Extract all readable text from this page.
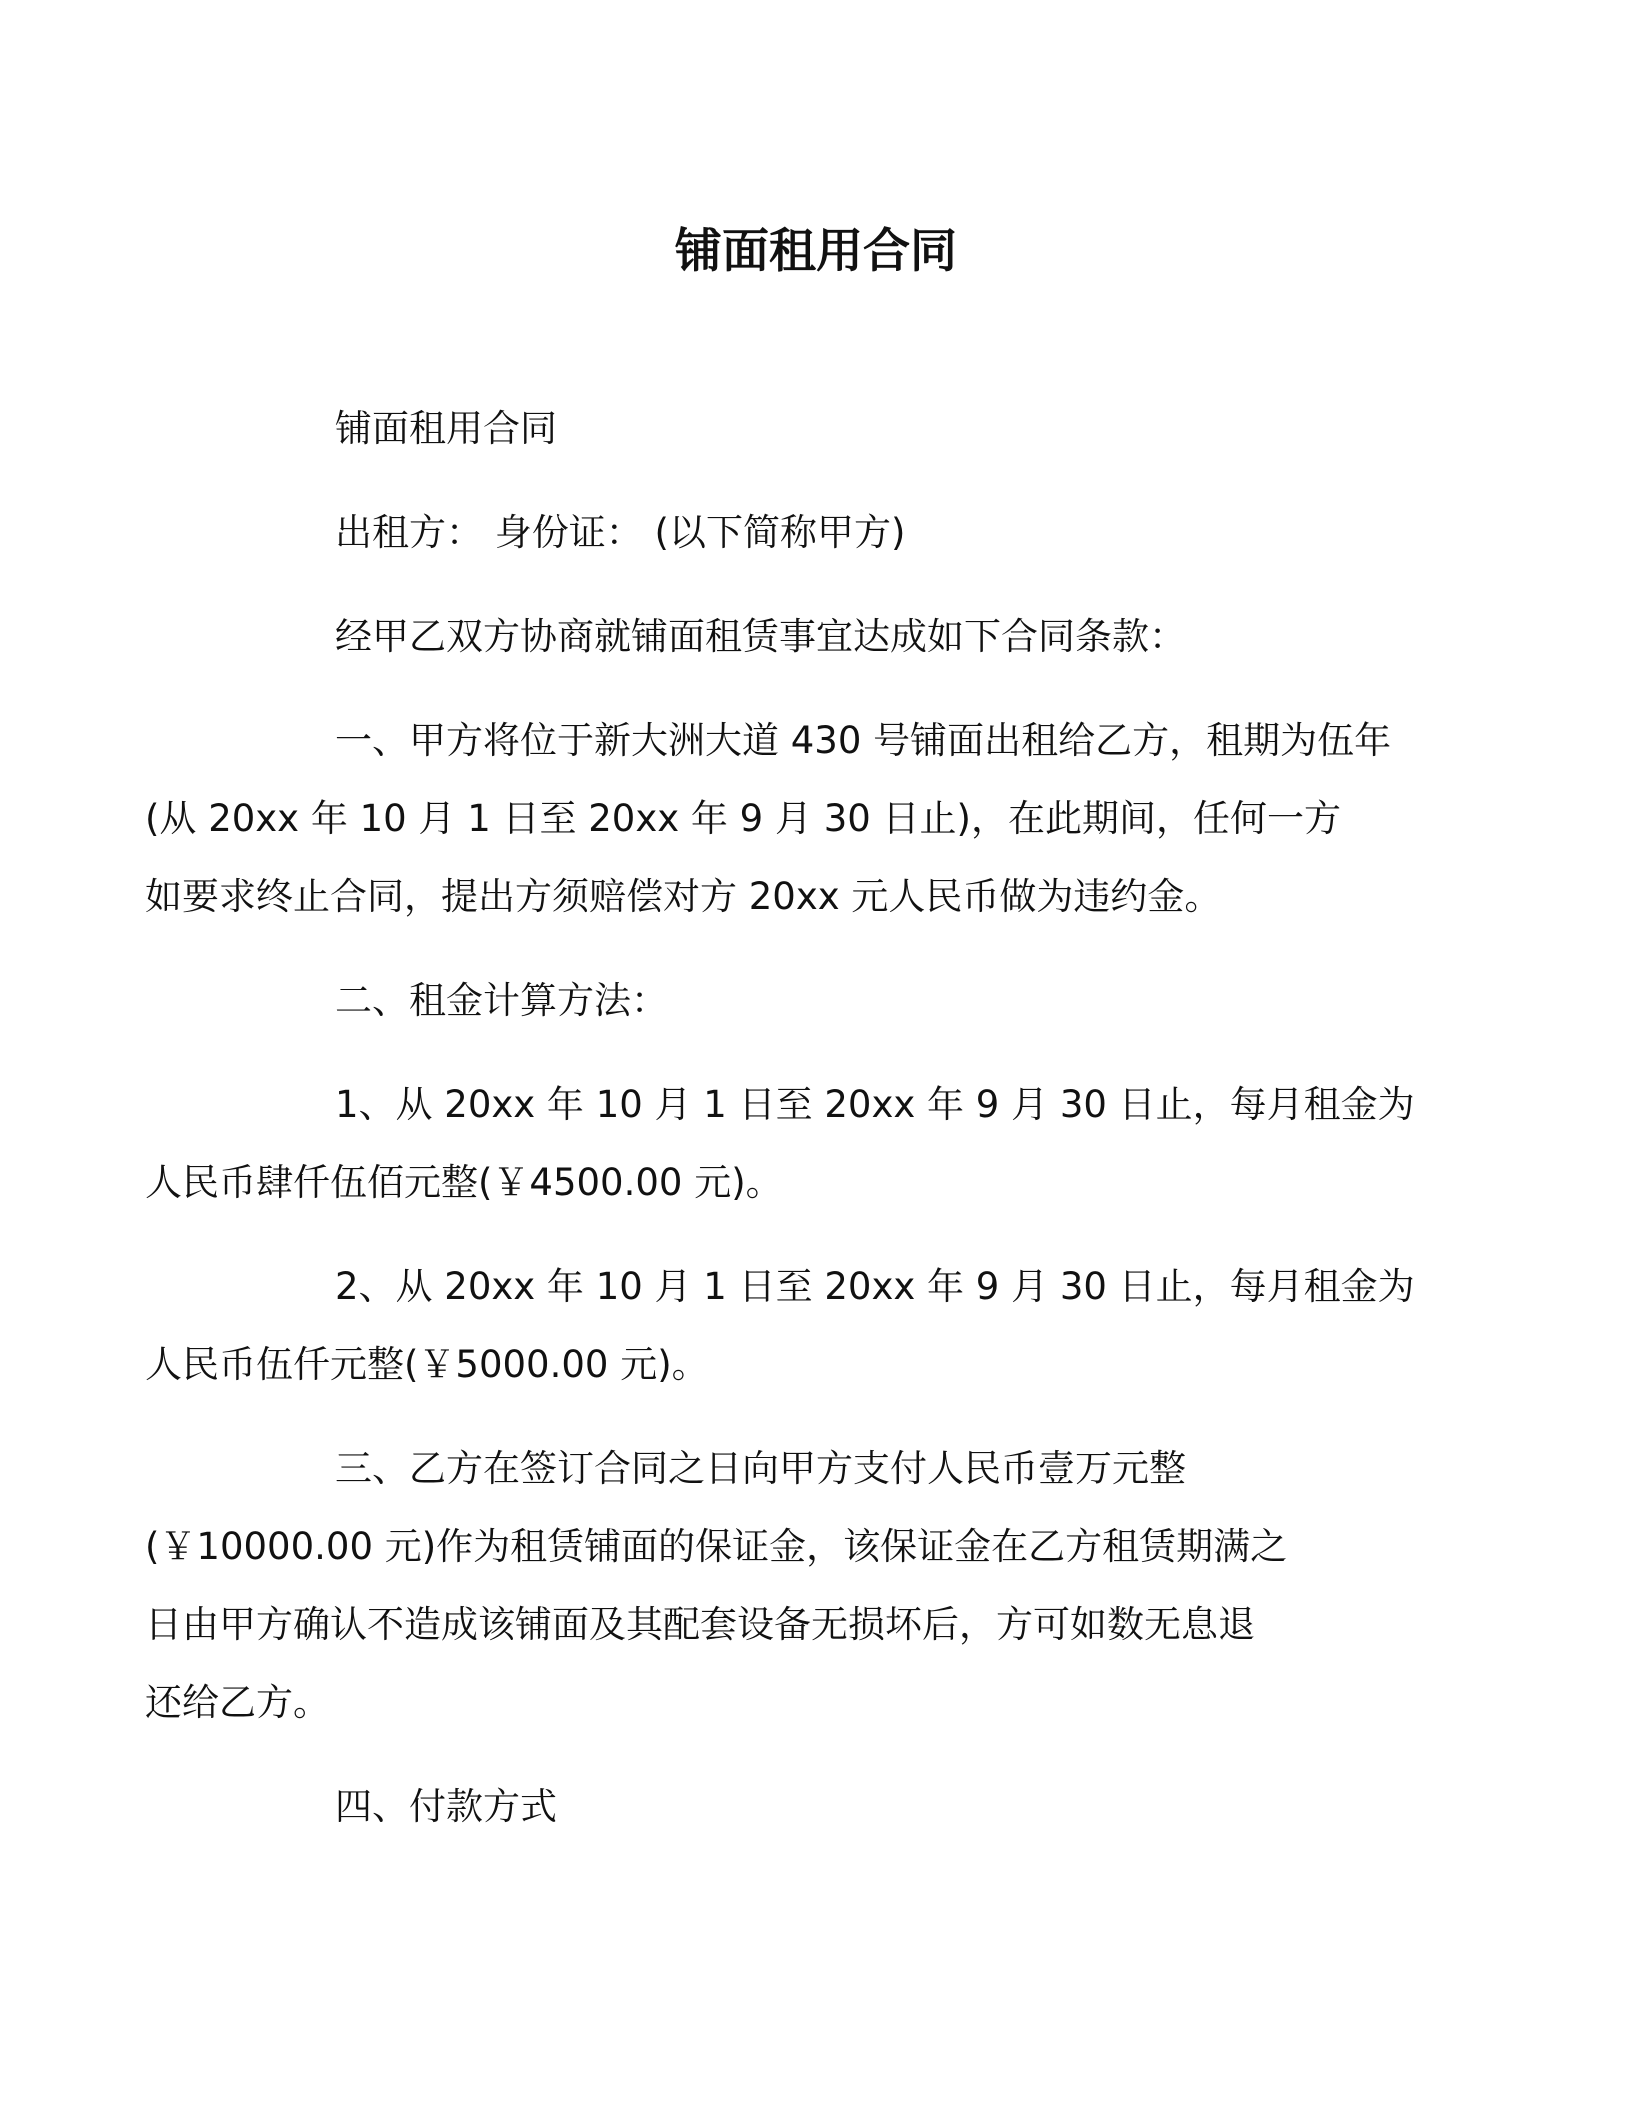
铺面租用合同

铺面租用合同

出租方： 身份证： (以下简称甲方)

经甲乙双方协商就铺面租赁事宜达成如下合同条款：

一、甲方将位于新大洲大道 430 号铺面出租给乙方，租期为伍年
(从 20xx 年 10 月 1 日至 20xx 年 9 月 30 日止)，在此期间，任何一方
如要求终止合同，提出方须赔偿对方 20xx 元人民币做为违约金。

二、租金计算方法：

1、从 20xx 年 10 月 1 日至 20xx 年 9 月 30 日止，每月租金为
人民币肆仟伍佰元整(￥4500.00 元)。

2、从 20xx 年 10 月 1 日至 20xx 年 9 月 30 日止，每月租金为
人民币伍仟元整(￥5000.00 元)。

三、乙方在签订合同之日向甲方支付人民币壹万元整
(￥10000.00 元)作为租赁铺面的保证金，该保证金在乙方租赁期满之
日由甲方确认不造成该铺面及其配套设备无损坏后，方可如数无息退
还给乙方。

四、付款方式
